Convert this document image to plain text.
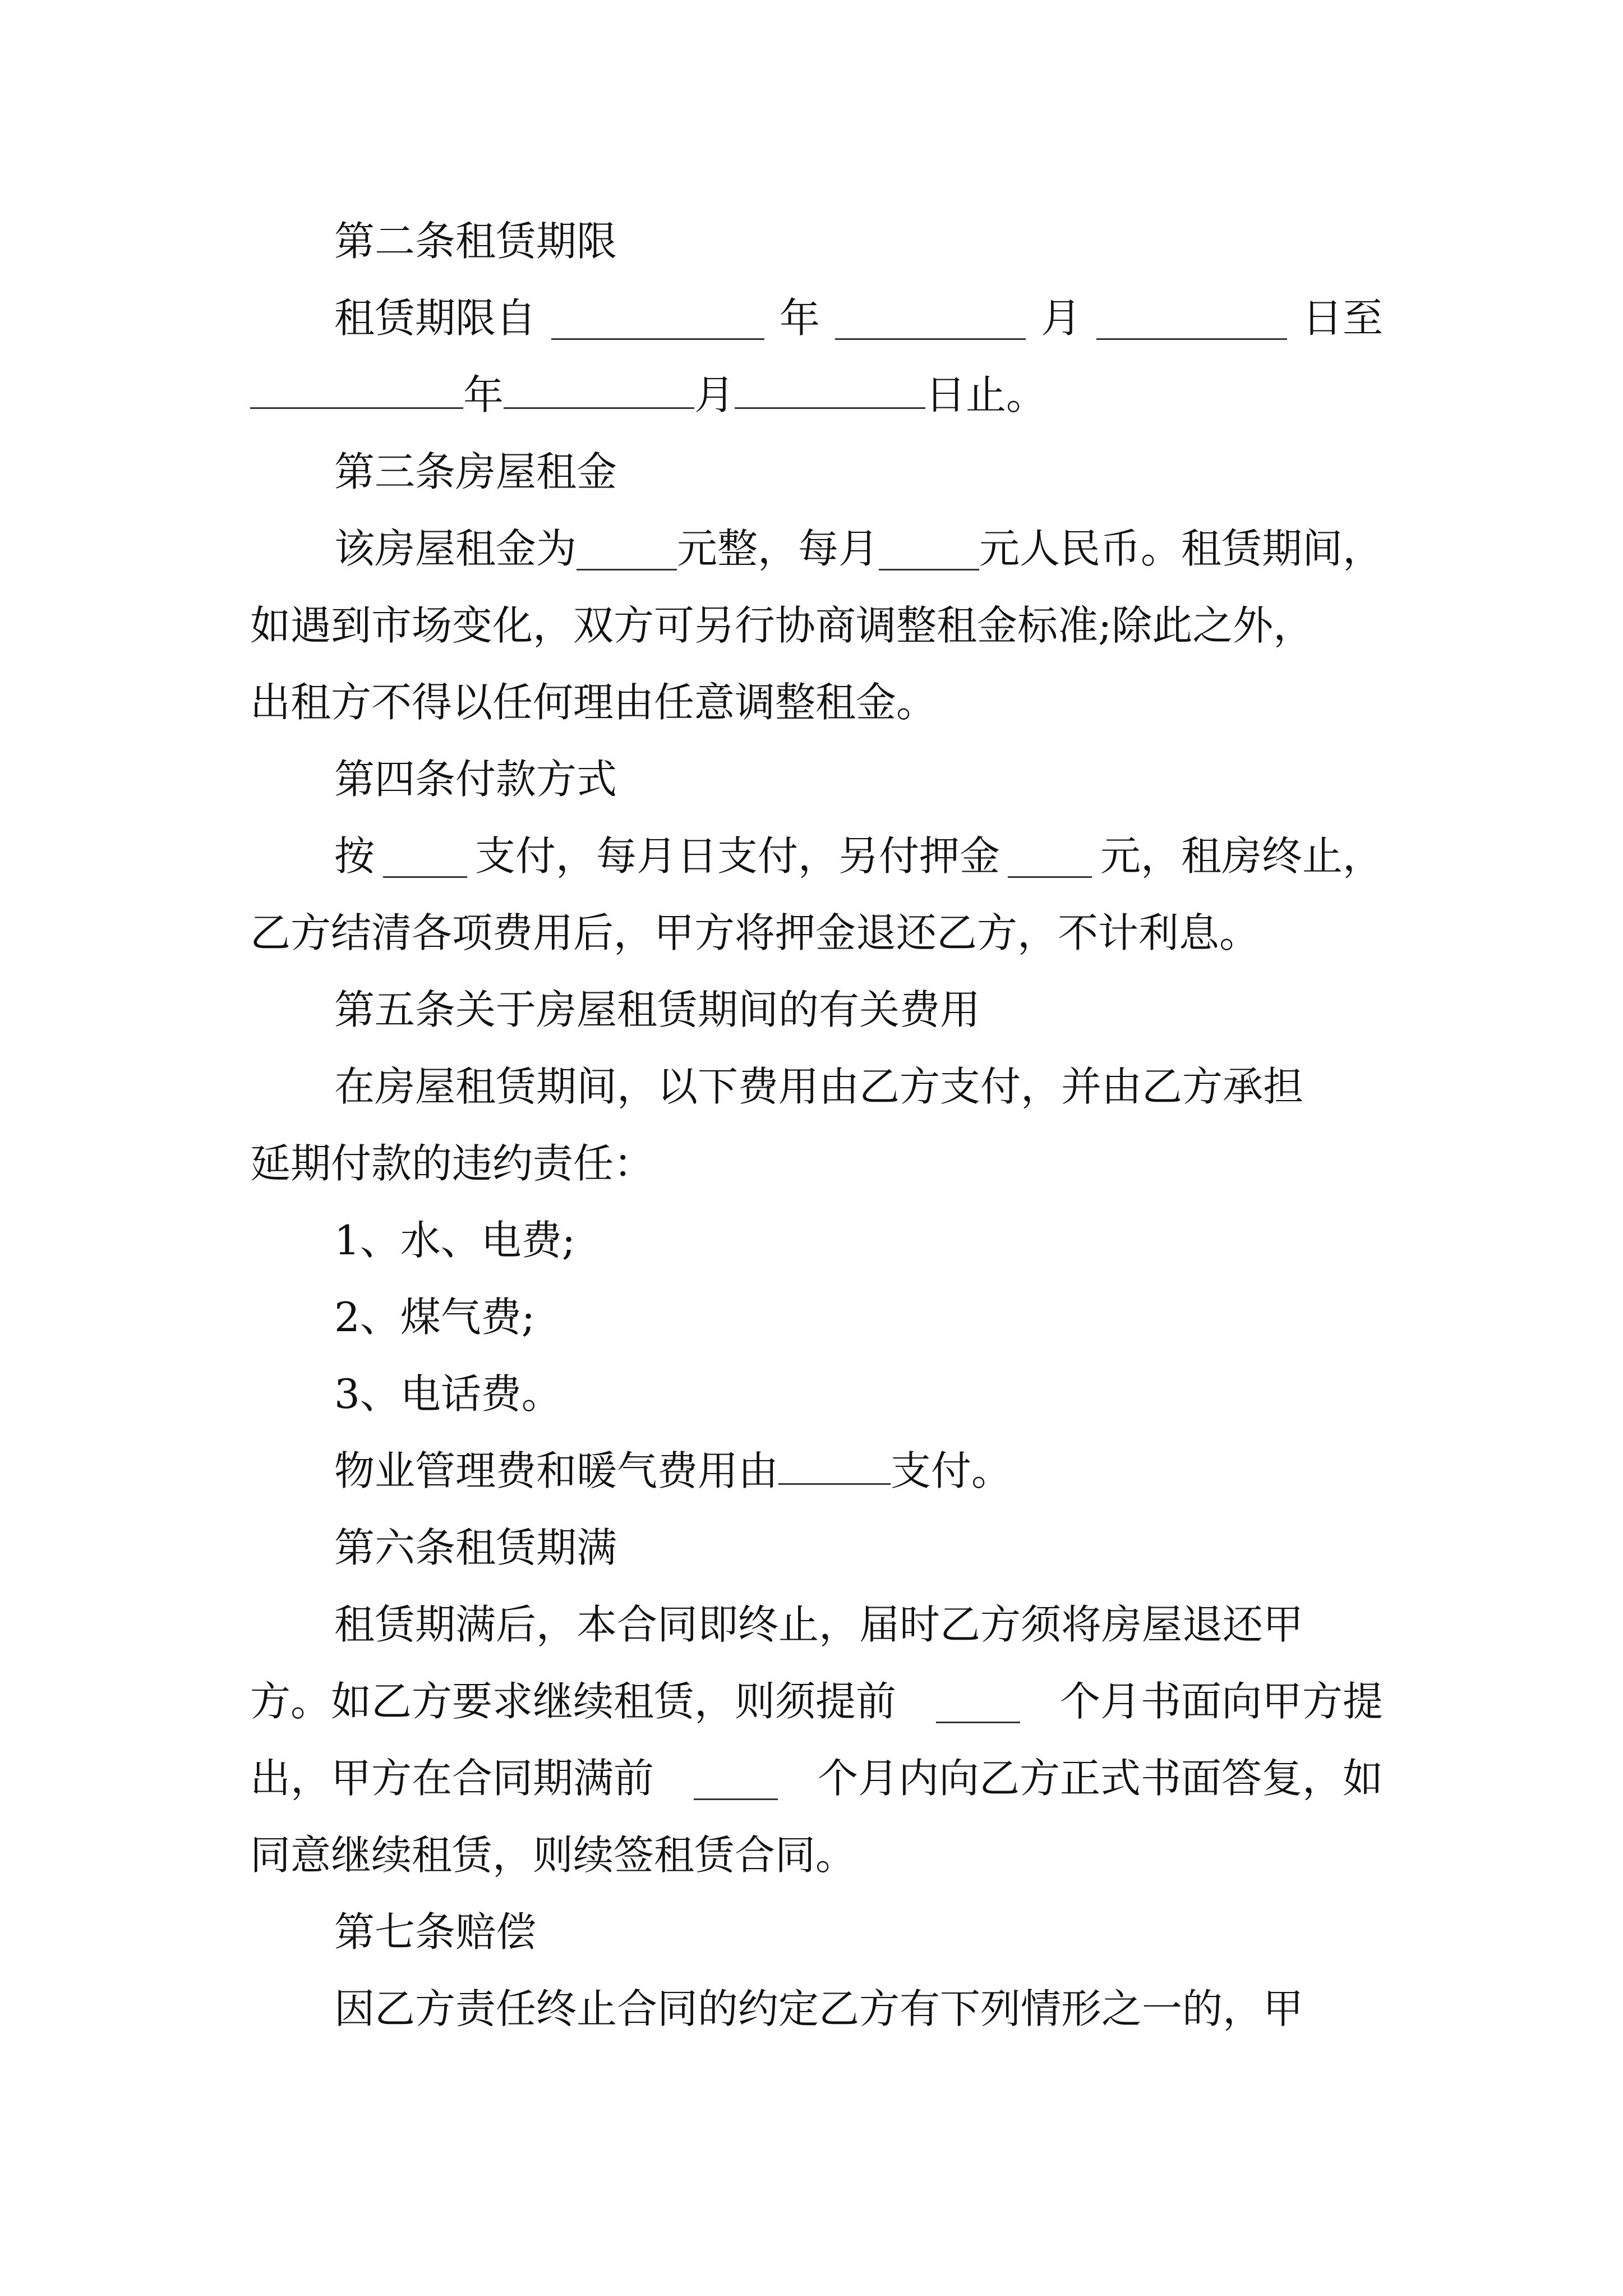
第二条租赁期限
租赁期限自	年	月	日至
年	月	日止。
第三条房屋租金
该房屋租金为 元整，每月 元人民币。租赁期间，
如遇到市场变化，双方可另行协商调整租金标准;除此之外，
出租方不得以任何理由任意调整租金。
第四条付款方式
按 支付，每月日支付，另付押金 元，租房终止，
乙方结清各项费用后，甲方将押金退还乙方，不计利息。
第五条关于房屋租赁期间的有关费用
在房屋租赁期间，以下费用由乙方支付，并由乙方承担
延期付款的违约责任：
1、水、电费;
2、煤气费;
3、电话费。
物业管理费和暖气费用由	支付。
第六条租赁期满
租赁期满后，本合同即终止，届时乙方须将房屋退还甲
方。如乙方要求继续租赁，则须提前	个月书面向甲方提
出，甲方在合同期满前	个月内向乙方正式书面答复，如
同意继续租赁，则续签租赁合同。
第七条赔偿
因乙方责任终止合同的约定乙方有下列情形之一的，甲
